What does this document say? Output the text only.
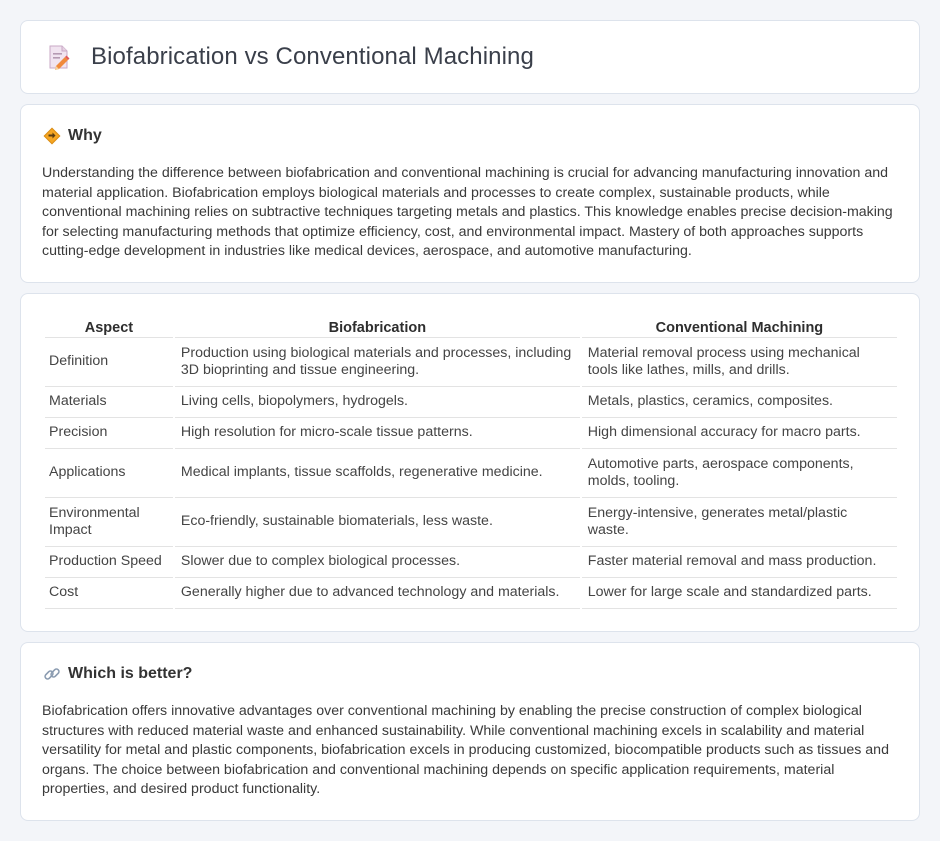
Biofabrication vs Conventional Machining
Why

Understanding the difference between biofabrication and conventional machining is crucial for advancing manufacturing innovation and material application. Biofabrication employs biological materials and processes to create complex, sustainable products, while conventional machining relies on subtractive techniques targeting metals and plastics. This knowledge enables precise decision-making for selecting manufacturing methods that optimize efficiency, cost, and environmental impact. Mastery of both approaches supports cutting-edge development in industries like medical devices, aerospace, and automotive manufacturing.

Aspect	Biofabrication	Conventional Machining
Definition	Production using biological materials and processes, including 3D bioprinting and tissue engineering.	Material removal process using mechanical tools like lathes, mills, and drills.
Materials	Living cells, biopolymers, hydrogels.	Metals, plastics, ceramics, composites.
Precision	High resolution for micro-scale tissue patterns.	High dimensional accuracy for macro parts.
Applications	Medical implants, tissue scaffolds, regenerative medicine.	Automotive parts, aerospace components, molds, tooling.
Environmental Impact	Eco-friendly, sustainable biomaterials, less waste.	Energy-intensive, generates metal/plastic waste.
Production Speed	Slower due to complex biological processes.	Faster material removal and mass production.
Cost	Generally higher due to advanced technology and materials.	Lower for large scale and standardized parts.
Which is better?

Biofabrication offers innovative advantages over conventional machining by enabling the precise construction of complex biological structures with reduced material waste and enhanced sustainability. While conventional machining excels in scalability and material versatility for metal and plastic components, biofabrication excels in producing customized, biocompatible products such as tissues and organs. The choice between biofabrication and conventional machining depends on specific application requirements, material properties, and desired product functionality.
